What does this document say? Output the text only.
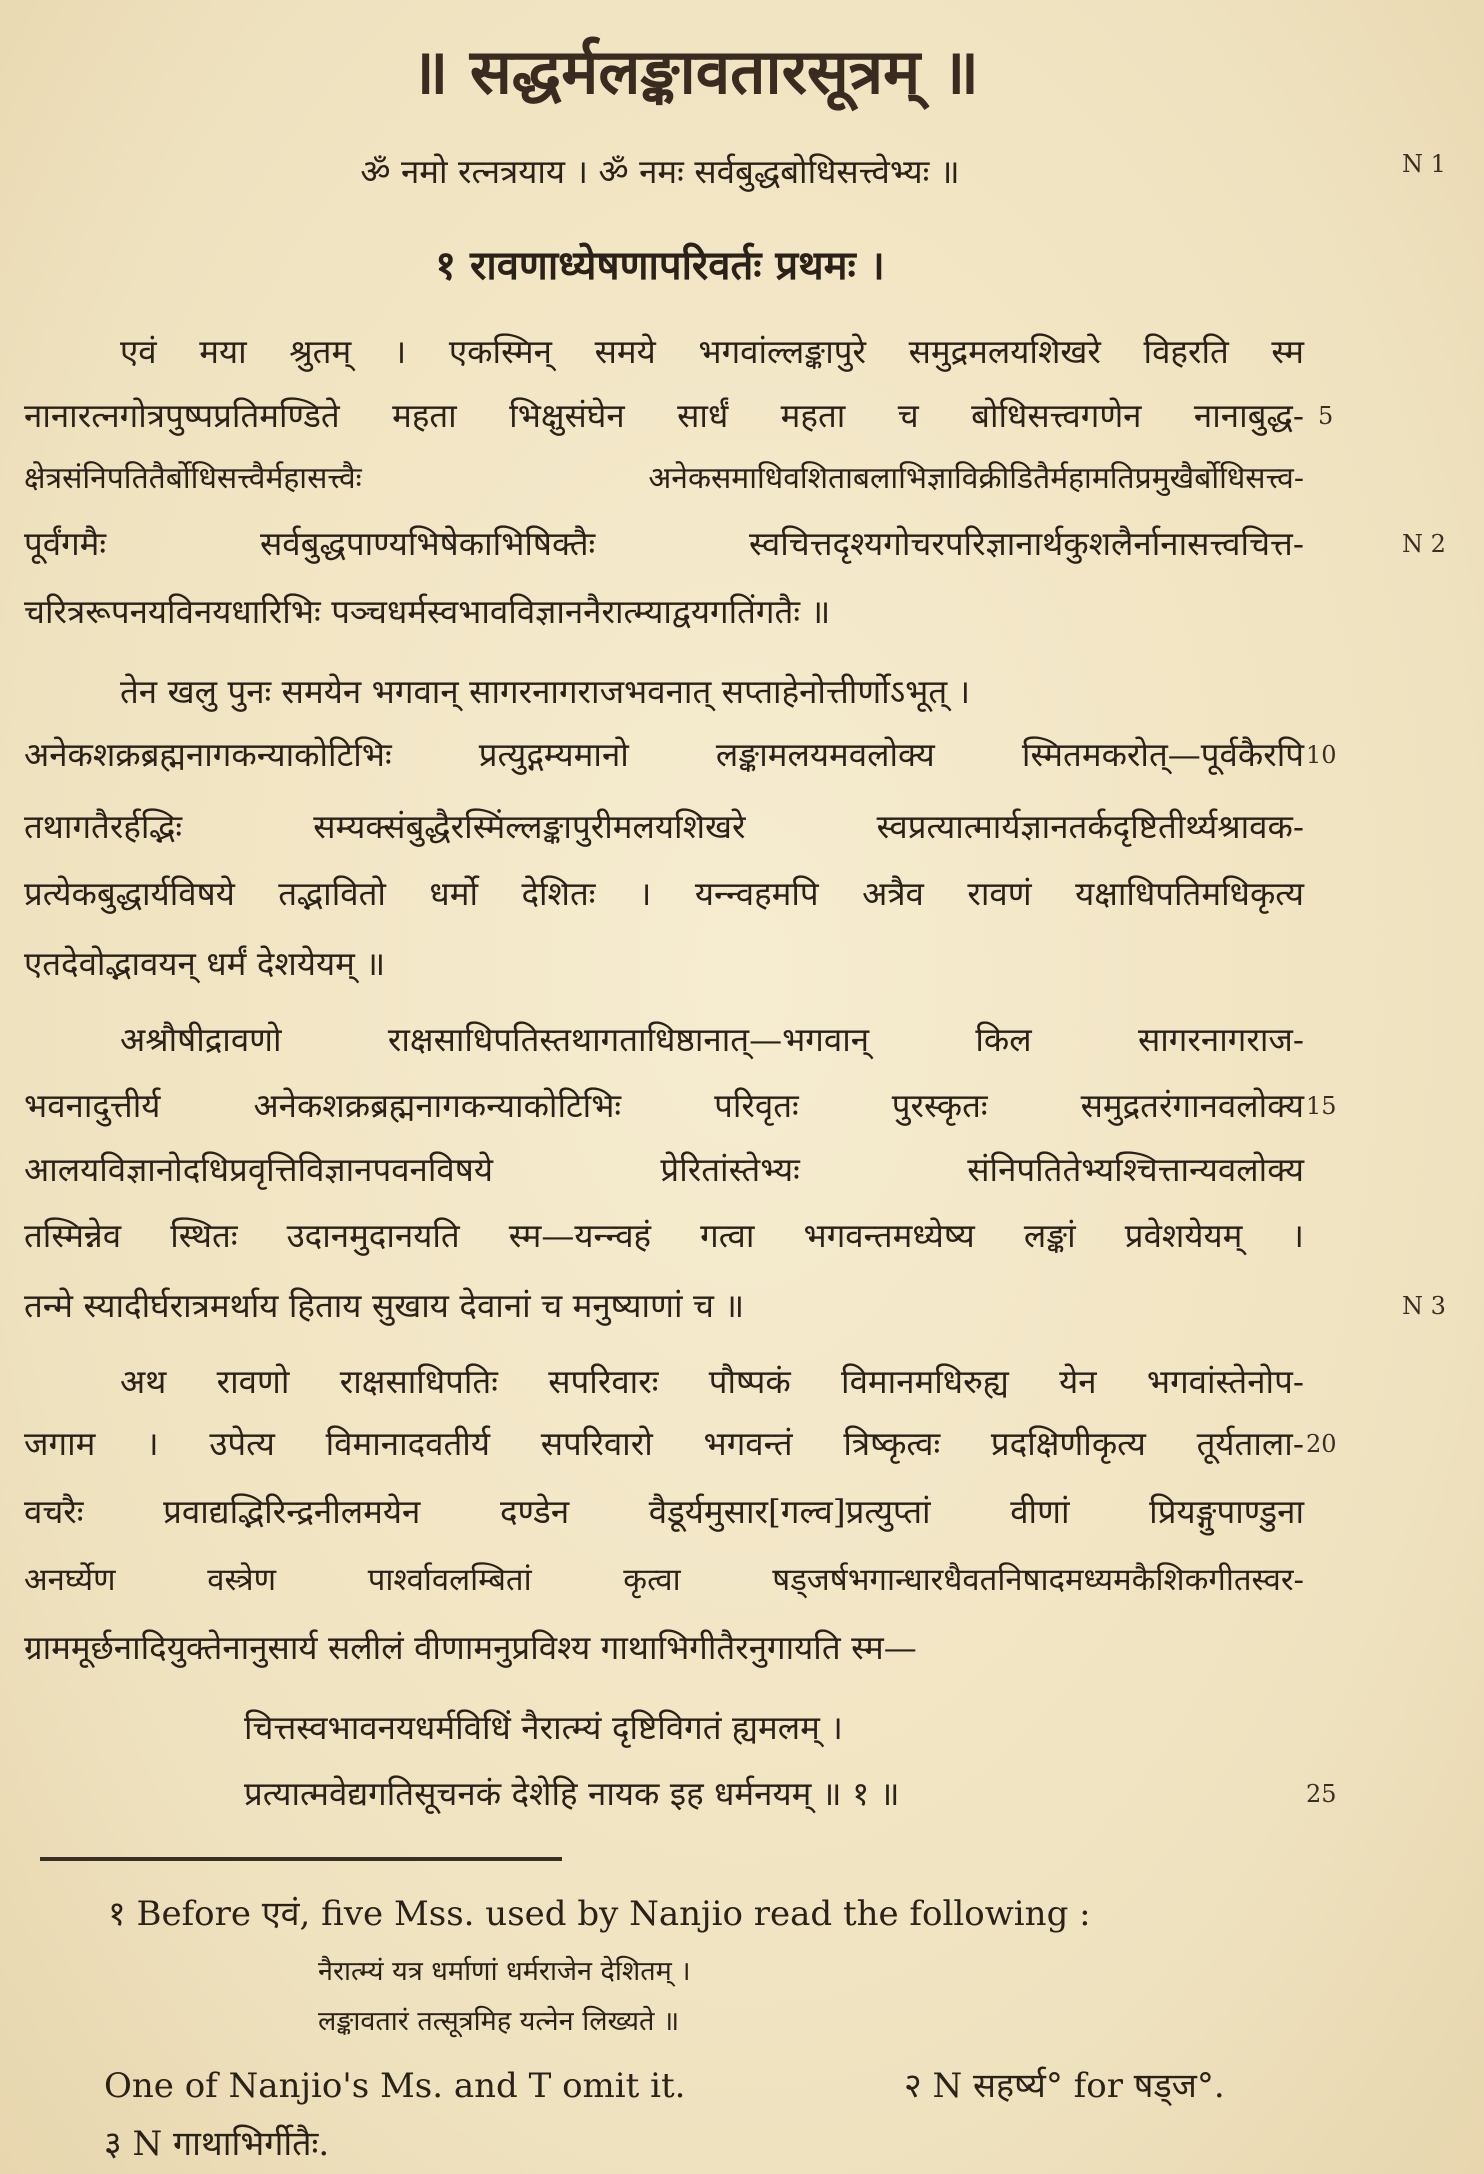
॥ सद्धर्मलङ्कावतारसूत्रम् ॥
ॐ नमो रत्नत्रयाय । ॐ नमः सर्वबुद्धबोधिसत्त्वेभ्यः ॥	N 1
१ रावणाध्येषणापरिवर्तः प्रथमः ।
एवं मया श्रुतम् । एकस्मिन् समये भगवांल्लङ्कापुरे समुद्रमलयशिखरे विहरति स्म
नानारत्नगोत्रपुष्पप्रतिमण्डिते महता भिक्षुसंघेन सार्धं महता च बोधिसत्त्वगणेन नानाबुद्ध- 5
क्षेत्रसंनिपतितैर्बोधिसत्त्वैर्महासत्त्वैः अनेकसमाधिवशिताबलाभिज्ञाविक्रीडितैर्महामतिप्रमुखैर्बोधिसत्त्व-
पूर्वंगमैः सर्वबुद्धपाण्यभिषेकाभिषिक्तैः स्वचित्तदृश्यगोचरपरिज्ञानार्थकुशलैर्नानासत्त्वचित्त-	N 2
चरित्ररूपनयविनयधारिभिः पञ्चधर्मस्वभावविज्ञाननैरात्म्याद्वयगतिंगतैः ॥
तेन खलु पुनः समयेन भगवान् सागरनागराजभवनात् सप्ताहेनोत्तीर्णोऽभूत् ।
अनेकशक्रब्रह्मनागकन्याकोटिभिः प्रत्युद्गम्यमानो लङ्कामलयमवलोक्य स्मितमकरोत्—पूर्वकैरपि 10
तथागतैरर्हद्भिः सम्यक्संबुद्धैरस्मिंल्लङ्कापुरीमलयशिखरे स्वप्रत्यात्मार्यज्ञानतर्कदृष्टितीर्थ्यश्रावक-
प्रत्येकबुद्धार्यविषये तद्भावितो धर्मो देशितः । यन्न्वहमपि अत्रैव रावणं यक्षाधिपतिमधिकृत्य
एतदेवोद्भावयन् धर्मं देशयेयम् ॥
अश्रौषीद्रावणो राक्षसाधिपतिस्तथागताधिष्ठानात्—भगवान् किल सागरनागराज-
भवनादुत्तीर्य अनेकशक्रब्रह्मनागकन्याकोटिभिः परिवृतः पुरस्कृतः समुद्रतरंगानवलोक्य 15
आलयविज्ञानोदधिप्रवृत्तिविज्ञानपवनविषये प्रेरितांस्तेभ्यः संनिपतितेभ्यश्चित्तान्यवलोक्य
तस्मिन्नेव स्थितः उदानमुदानयति स्म—यन्न्वहं गत्वा भगवन्तमध्येष्य लङ्कां प्रवेशयेयम् ।
तन्मे स्यादीर्घरात्रमर्थाय हिताय सुखाय देवानां च मनुष्याणां च ॥	N 3
अथ रावणो राक्षसाधिपतिः सपरिवारः पौष्पकं विमानमधिरुह्य येन भगवांस्तेनोप-
जगाम । उपेत्य विमानादवतीर्य सपरिवारो भगवन्तं त्रिष्कृत्वः प्रदक्षिणीकृत्य तूर्यताला- 20
वचरैः प्रवाद्यद्भिरिन्द्रनीलमयेन दण्डेन वैडूर्यमुसार[गल्व]प्रत्युप्तां वीणां प्रियङ्गुपाण्डुना
अनर्घ्येण वस्त्रेण पार्श्वावलम्बितां कृत्वा षड्जर्षभगान्धारधैवतनिषादमध्यमकैशिकगीतस्वर-
ग्राममूर्छनादियुक्तेनानुसार्य सलीलं वीणामनुप्रविश्य गाथाभिगीतैरनुगायति स्म—
चित्तस्वभावनयधर्मविधिं नैरात्म्यं दृष्टिविगतं ह्यमलम् ।
प्रत्यात्मवेद्यगतिसूचनकं देशेहि नायक इह धर्मनयम् ॥ १ ॥	25
१ Before एवं, five Mss. used by Nanjio read the following :
नैरात्म्यं यत्र धर्माणां धर्मराजेन देशितम् ।
लङ्कावतारं तत्सूत्रमिह यत्नेन लिख्यते ॥
One of Nanjio's Ms. and T omit it.	२ N सहर्ष्य° for षड्ज°.
३ N गाथाभिर्गीतैः.
